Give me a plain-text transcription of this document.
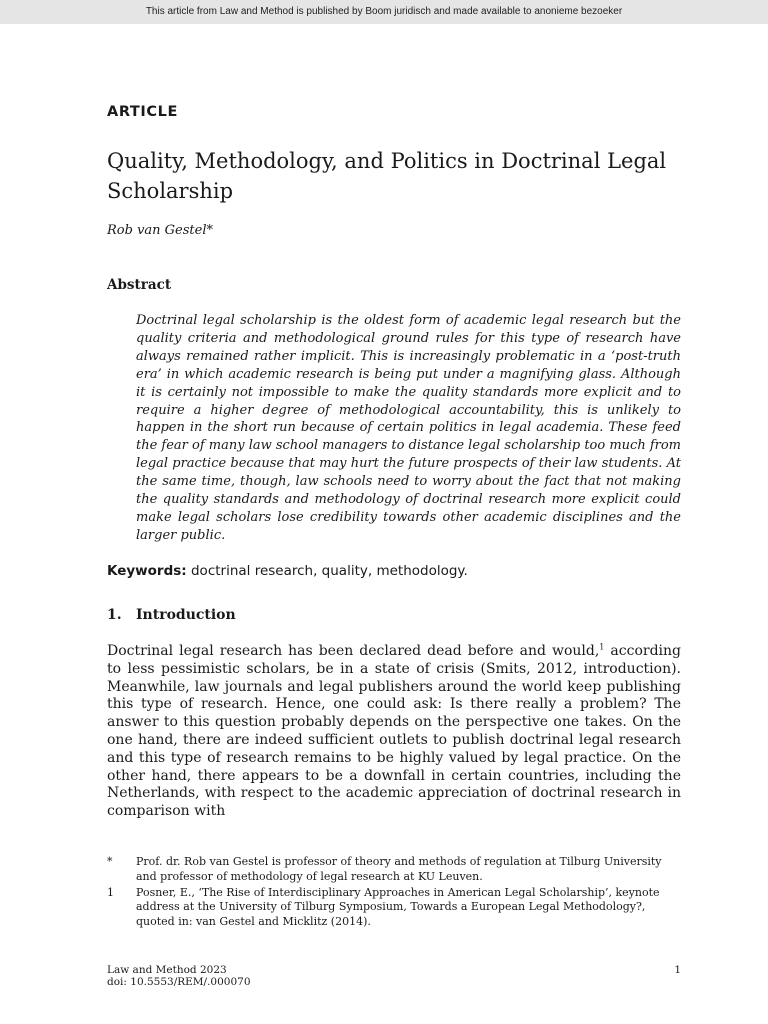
This article from Law and Method is published by Boom juridisch and made available to anonieme bezoeker
ARTICLE
Quality, Methodology, and Politics in Doctrinal Legal Scholarship
Rob van Gestel*
Abstract

Doctrinal legal scholarship is the oldest form of academic legal research but the quality criteria and methodological ground rules for this type of research have always remained rather implicit. This is increasingly problematic in a ‘post-truth era’ in which academic research is being put under a magnifying glass. Although it is certainly not impossible to make the quality standards more explicit and to require a higher degree of methodological accountability, this is unlikely to happen in the short run because of certain politics in legal academia. These feed the fear of many law school managers to distance legal scholarship too much from legal practice because that may hurt the future prospects of their law students. At the same time, though, law schools need to worry about the fact that not making the quality standards and methodology of doctrinal research more explicit could make legal scholars lose credibility towards other academic disciplines and the larger public.

Keywords: doctrinal research, quality, methodology.
1. Introduction

Doctrinal legal research has been declared dead before and would,$^1$ according to less pessimistic scholars, be in a state of crisis (Smits, 2012, introduction). Meanwhile, law journals and legal publishers around the world keep publishing this type of research. Hence, one could ask: Is there really a problem? The answer to this question probably depends on the perspective one takes. On the one hand, there are indeed sufficient outlets to publish doctrinal legal research and this type of research remains to be highly valued by legal practice. On the other hand, there appears to be a downfall in certain countries, including the Netherlands, with respect to the academic appreciation of doctrinal research in comparison with

*	Prof. dr. Rob van Gestel is professor of theory and methods of regulation at Tilburg University and professor of methodology of legal research at KU Leuven.
1	Posner, E., ‘The Rise of Interdisciplinary Approaches in American Legal Scholarship’, keynote address at the University of Tilburg Symposium, Towards a European Legal Methodology?, quoted in: van Gestel and Micklitz (2014).
Law and Method 2023
doi: 10.5553/REM/.000070
1
